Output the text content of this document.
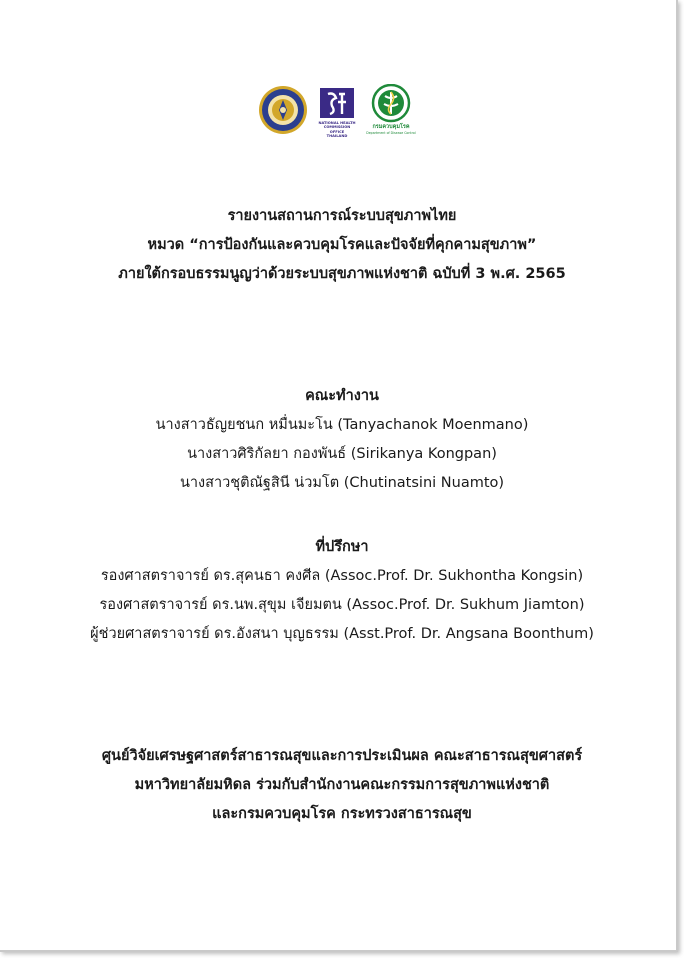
NATIONAL HEALTH
COMMISSION OFFICE
THAILAND
กรมควบคุมโรค
Department of Disease Control
รายงานสถานการณ์ระบบสุขภาพไทย
หมวด “การป้องกันและควบคุมโรคและปัจจัยที่คุกคามสุขภาพ”
ภายใต้กรอบธรรมนูญว่าด้วยระบบสุขภาพแห่งชาติ ฉบับที่ 3 พ.ศ. 2565
คณะทำงาน
นางสาวธัญยชนก หมื่นมะโน (Tanyachanok Moenmano)
นางสาวศิริกัลยา กองพันธ์ (Sirikanya Kongpan)
นางสาวชุติณัฐสินี น่วมโต (Chutinatsini Nuamto)
ที่ปรึกษา
รองศาสตราจารย์ ดร.สุคนธา คงศีล (Assoc.Prof. Dr. Sukhontha Kongsin)
รองศาสตราจารย์ ดร.นพ.สุขุม เจียมตน (Assoc.Prof. Dr. Sukhum Jiamton)
ผู้ช่วยศาสตราจารย์ ดร.อังสนา บุญธรรม (Asst.Prof. Dr. Angsana Boonthum)
ศูนย์วิจัยเศรษฐศาสตร์สาธารณสุขและการประเมินผล คณะสาธารณสุขศาสตร์
มหาวิทยาลัยมหิดล ร่วมกับสำนักงานคณะกรรมการสุขภาพแห่งชาติ
และกรมควบคุมโรค กระทรวงสาธารณสุข
